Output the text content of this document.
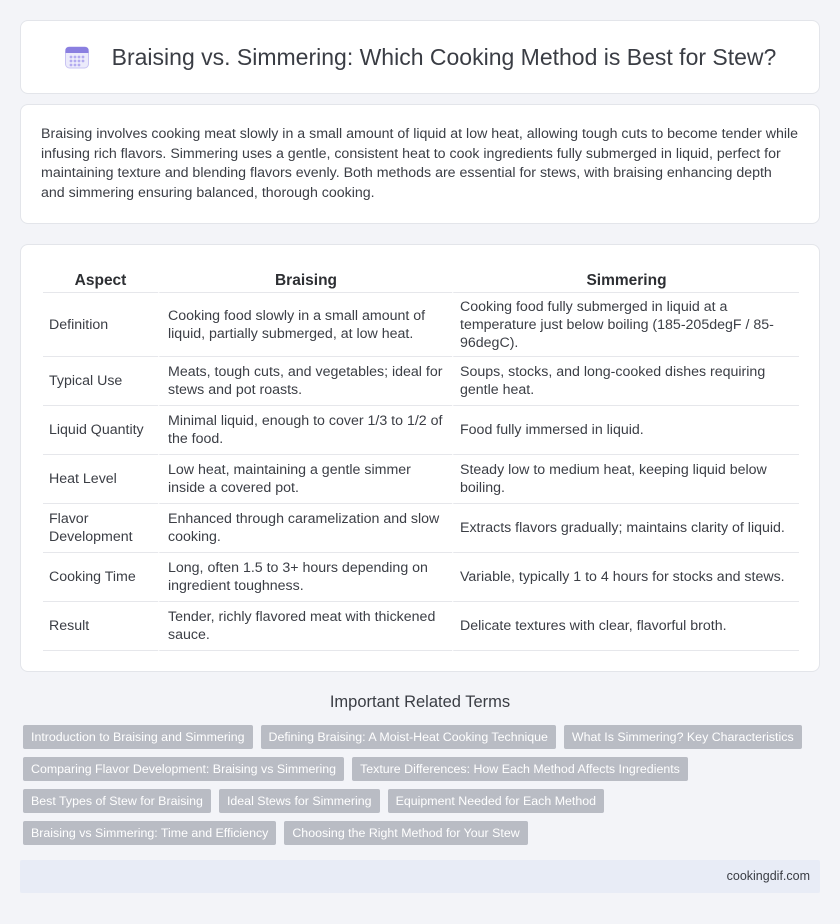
Braising vs. Simmering: Which Cooking Method is Best for Stew?

Braising involves cooking meat slowly in a small amount of liquid at low heat, allowing tough cuts to become tender while infusing rich flavors. Simmering uses a gentle, consistent heat to cook ingredients fully submerged in liquid, perfect for maintaining texture and blending flavors evenly. Both methods are essential for stews, with braising enhancing depth and simmering ensuring balanced, thorough cooking.

Aspect	Braising	Simmering
Definition	Cooking food slowly in a small amount of liquid, partially submerged, at low heat.	Cooking food fully submerged in liquid at a temperature just below boiling (185-205degF / 85-96degC).
Typical Use	Meats, tough cuts, and vegetables; ideal for stews and pot roasts.	Soups, stocks, and long-cooked dishes requiring gentle heat.
Liquid Quantity	Minimal liquid, enough to cover 1/3 to 1/2 of the food.	Food fully immersed in liquid.
Heat Level	Low heat, maintaining a gentle simmer inside a covered pot.	Steady low to medium heat, keeping liquid below boiling.
Flavor Development	Enhanced through caramelization and slow cooking.	Extracts flavors gradually; maintains clarity of liquid.
Cooking Time	Long, often 1.5 to 3+ hours depending on ingredient toughness.	Variable, typically 1 to 4 hours for stocks and stews.
Result	Tender, richly flavored meat with thickened sauce.	Delicate textures with clear, flavorful broth.
Important Related Terms
Introduction to Braising and Simmering	Defining Braising: A Moist-Heat Cooking Technique	What Is Simmering? Key Characteristics
Comparing Flavor Development: Braising vs Simmering	Texture Differences: How Each Method Affects Ingredients
Best Types of Stew for Braising	Ideal Stews for Simmering	Equipment Needed for Each Method
Braising vs Simmering: Time and Efficiency	Choosing the Right Method for Your Stew
cookingdif.com
